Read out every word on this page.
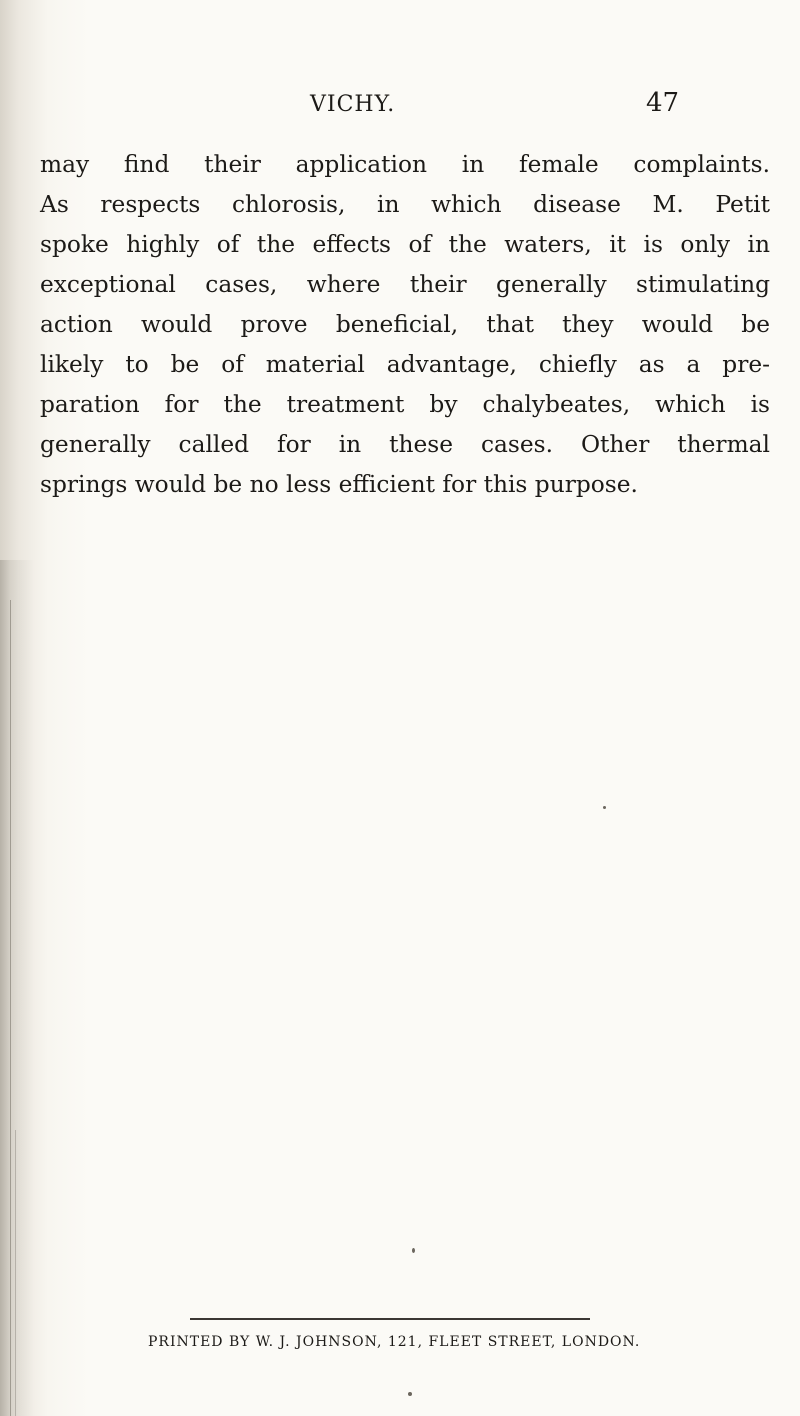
VICHY.	47
may find their application in female complaints.
As respects chlorosis, in which disease M. Petit
spoke highly of the effects of the waters, it is only in
exceptional cases, where their generally stimulating
action would prove beneficial, that they would be
likely to be of material advantage, chiefly as a pre-
paration for the treatment by chalybeates, which is
generally called for in these cases. Other thermal
springs would be no less efficient for this purpose.
PRINTED BY W. J. JOHNSON, 121, FLEET STREET, LONDON.
